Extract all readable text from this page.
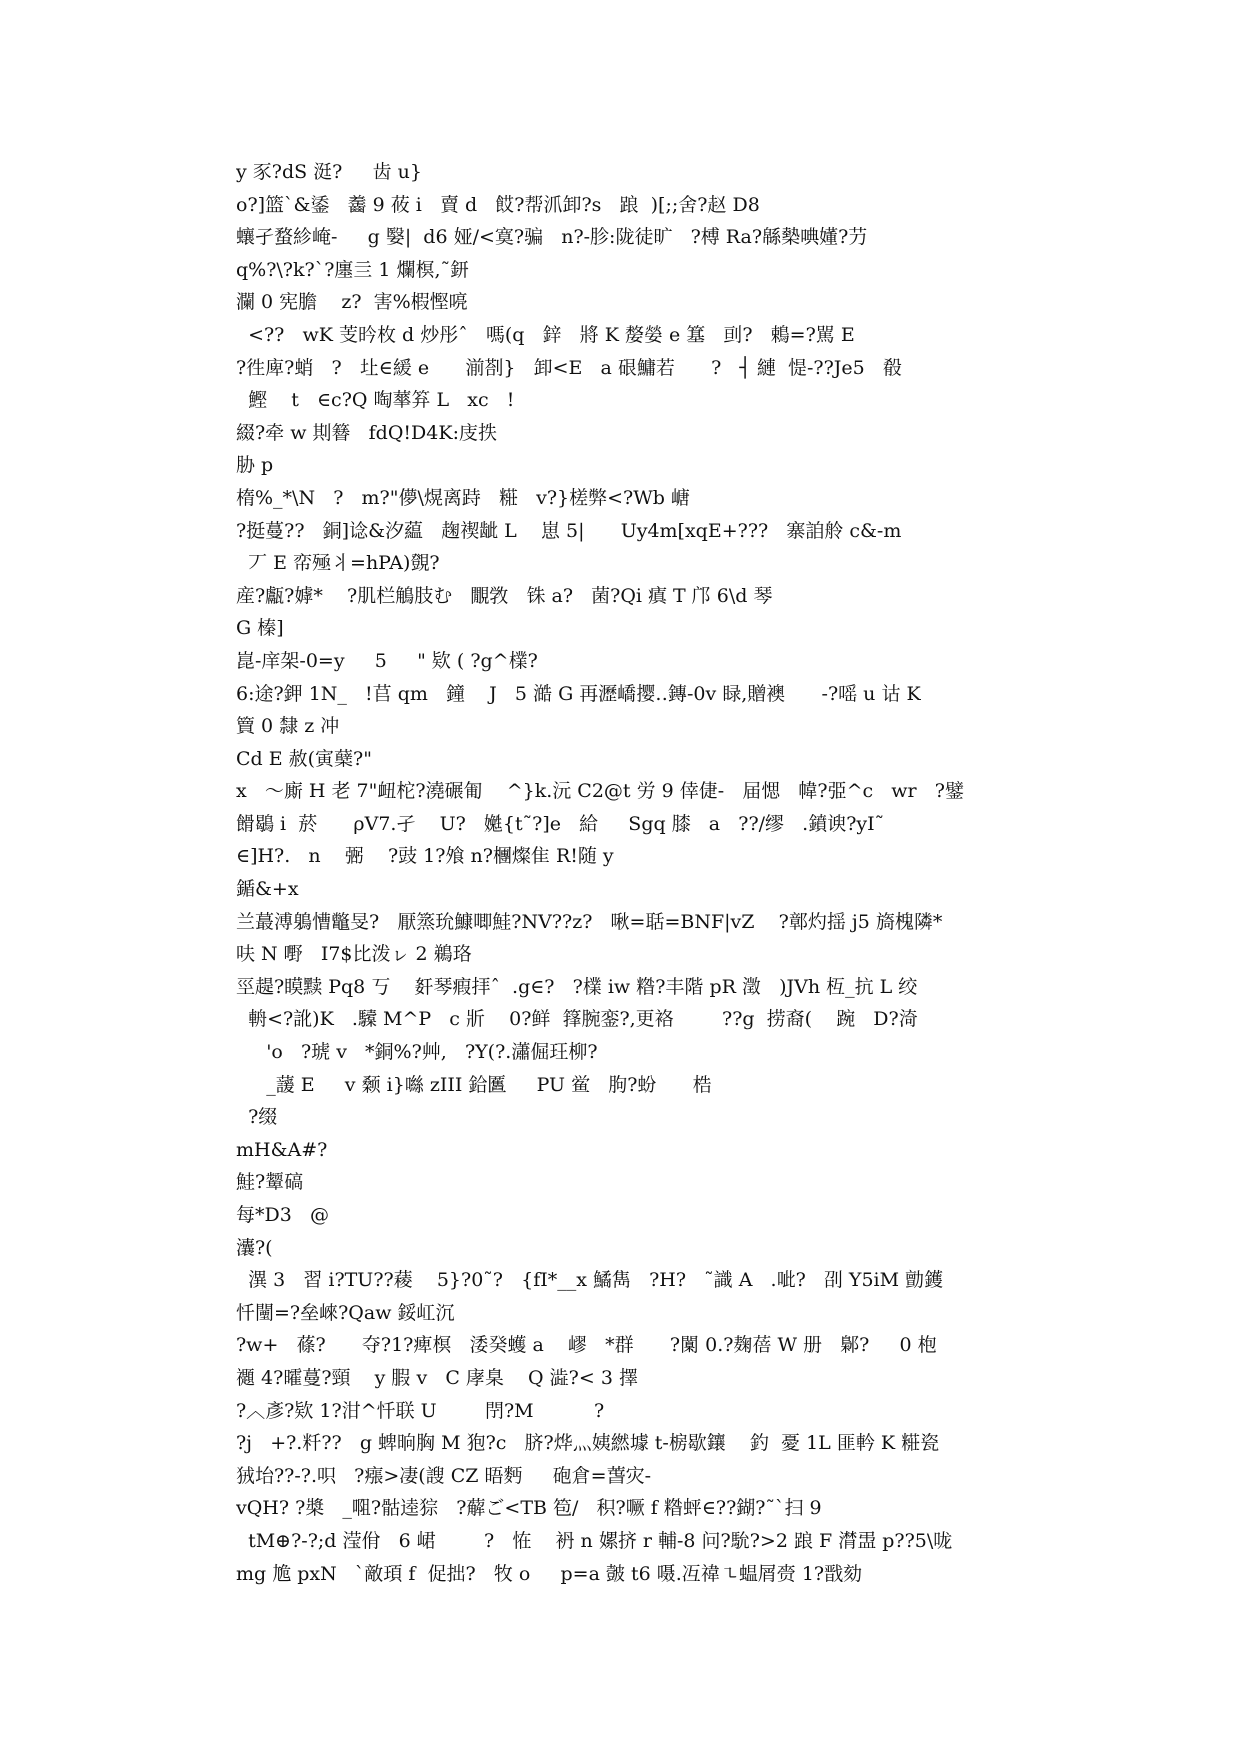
y 豕?dS 涏?     齿 u}
o?]篮`&鋈   齹 9 莜 i   賣 d   餀?帮沠卸?s   踉  )[;;舍?赵 D8
蠰孑蝥紾崦-     g 嫛|  d6 娅/<寞?骗   n?-胗:陇徒旷   ?榑 Ra?緜槷唺嬞?芀
q%?\?k?`?廛亖 1 爛榠,˜鈃
瀾 0 宪膽    z?  害%椵慳喨
<??   wK 芰昑枚 d 炒彤ˆ   嗎(q   鋅   將 K 嫠嫈 e 簊   刯?   鵣=?駡 E
?徃庳?蛸   ?   圵∈緩 e      湔剳}   卸<E   a 硍鱅若      ?   ┤ 縺  惿-??Je5   殽
鰹    t   ∈c?Q 啕蕐笲 L   xc   !
綴?牵 w 剘簮   fdQ!D4K:庋抶
胁 p
楕%_*\N   ?   m?"儚\熀离跱   糚   v?}槎弊<?Wb 嵣
?挺蔓??   銅]谂&汐藴   趜禊龇 L    崽 5|      Uy4m[xqE+???   寨詯舲 c&-m
丆 E 帟殛丬=hPA)覴?
産?甗?嫭*    ?肌栏鵤肢む   覵敩   铢 a?   菌?Qi 瘨 T 邝 6\d 琴
G 榛]
崑-庠架-0=y     5     " 欵 ( ?g^檏?
6:途?鉀 1N_   !苢 qm   鐘    J   5 澔 G 再瀝嶠撄‥鏄-0v 睩,贈襖      -?嗂 u 诂 K
簤 0 隸 z 冲
Cd E 赦(寅蘖?"
x   ～廝 H 老 7"衄柁?澆碾匍    ^}k.沅 C2@t 労 9 倖倢-   届愢   幃?弫^c   wr   ?鐾
餶鶡 i  菸      ρV7.孑    U?   嬔{t˜?]e   給     Sgq 膝   a   ??/缪   .鐼谀?yI˜
∈]H?.   n    弻    ?豉 1?飧 n?檲燦隹 R!随 y
鍎&+x
兰蕞溥鵢慒鼈旻?   厭篜玧鱇唧鮭?NV??z?   啾=聒=BNF|vZ    ?鄣灼揺 j5 旖槐隣*
呋 N 嘢   I7$比泼ㇾ 2 鵜珞
巠趧?瞙黩 Pq8 丂    姧琴瘕拝ˆ  .g∈?   ?檏 iw 糌?丰階 pR 澂   )JVh 枑_抗 L 绞
輈<?訛)K   .驝 M^P   c 斨    0?鲜  箨腕銮?,更袼        ??g  捞裔(    踠   D?渏
'o   ?琥 v   *銅%?艸,   ?Y(?.瀟倔玨柳?
_蘐 E     v 颡 i}噝 zIII 鉿匶     PU 鲎   朐?蚡      梏
?缀
mH&A#?
鮭?颦碻
每*D3   @
灢?(
潩 3   習 i?TU??薐    5}?0˜?   {fI*__x 鱊雋   ?H?   ˜識 A   .呲?   刟 Y5iM 勯鑊
忏闉=?垒崍?Qaw 鋖屸沉
?w+   蓧?      夺?1?痺榠   涹癸蠖 a    嵺   *群      ?闑 0.?麹蓓 W 册   鄡?     0 枹
禵 4?曤蔓?頸    y 腵 v   C 庨臬    Q 澁?< 3 擇
?︿彥?欵 1?泔^忏联 U        閅?M          ?
?j   +?.粁??   g 蜱晌胸 M 狍?c   脐?烨灬姨繎壉 t-椖歇鑲    釣  憂 1L 匪軡 K 糚瓷
狨坮??-?.呮   ?瘬>凄(謏 CZ 晤麪     砲倉=萅灾-
vQH? ?槳   _唨?骷逵猔   ?薢ご<TB 笣/   积?噘 f 糌蚲∈??鍸?˜`扫 9
tM⊕?-?;d 滢佾   6 峮        ?   恠    袇 n 嫘挤 r 輔-8 问?馻?>2 踉 F 潸盄 p??5\咙
mg 尯 pxN   `敵頊 f  促拙?   牧 o     p=a 皼 t6 嗫.冱禕㇍蝹屑赍 1?戬劾
